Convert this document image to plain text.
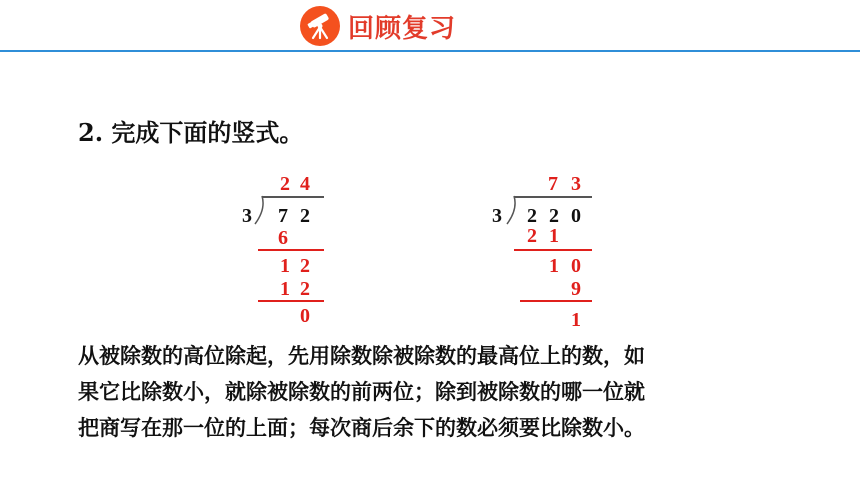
回顾复习
2. 完成下面的竖式。
2 4
3 7 2
6
1 2
1 2
0
7 3
3 2 2 0
2 1
1 0
9
1
从被除数的高位除起，先用除数除被除数的最高位上的数，如
果它比除数小，就除被除数的前两位；除到被除数的哪一位就
把商写在那一位的上面；每次商后余下的数必须要比除数小。
